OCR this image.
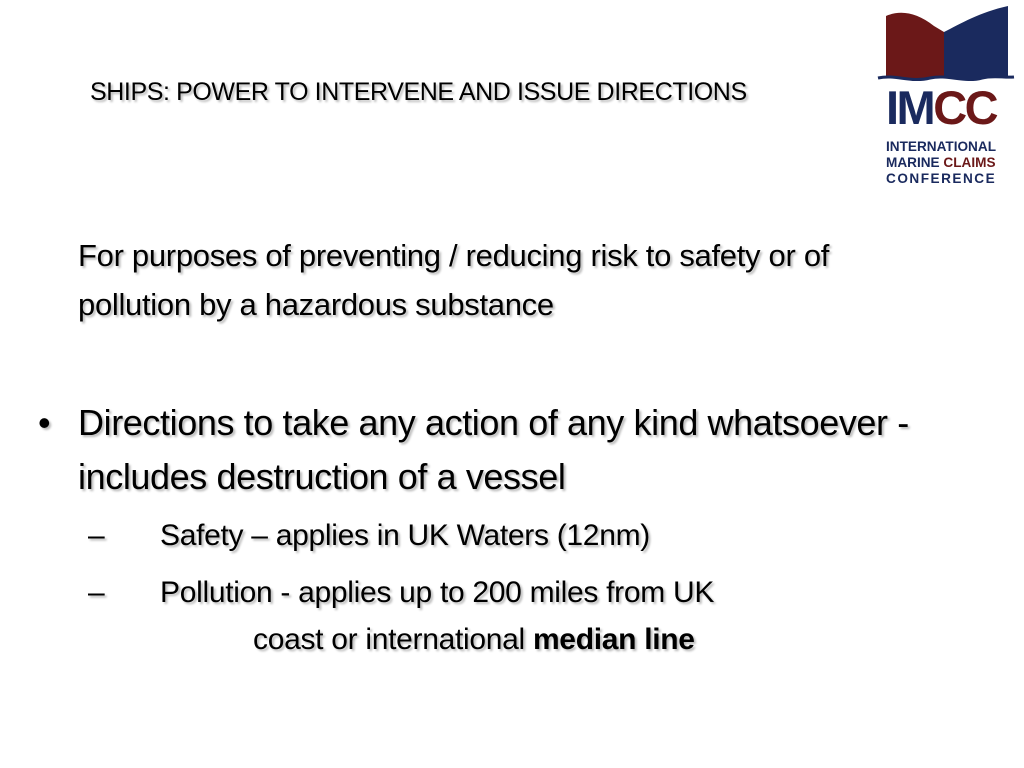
SHIPS: POWER TO INTERVENE AND ISSUE DIRECTIONS	IMCC
INTERNATIONAL
MARINE CLAIMS
CONFERENCE
For purposes of preventing / reducing risk to safety or of pollution by a hazardous substance
• Directions to take any action of any kind whatsoever - includes destruction of a vessel
– Safety – applies in UK Waters (12nm)
– Pollution - applies up to 200 miles from UK
coast or international median line
